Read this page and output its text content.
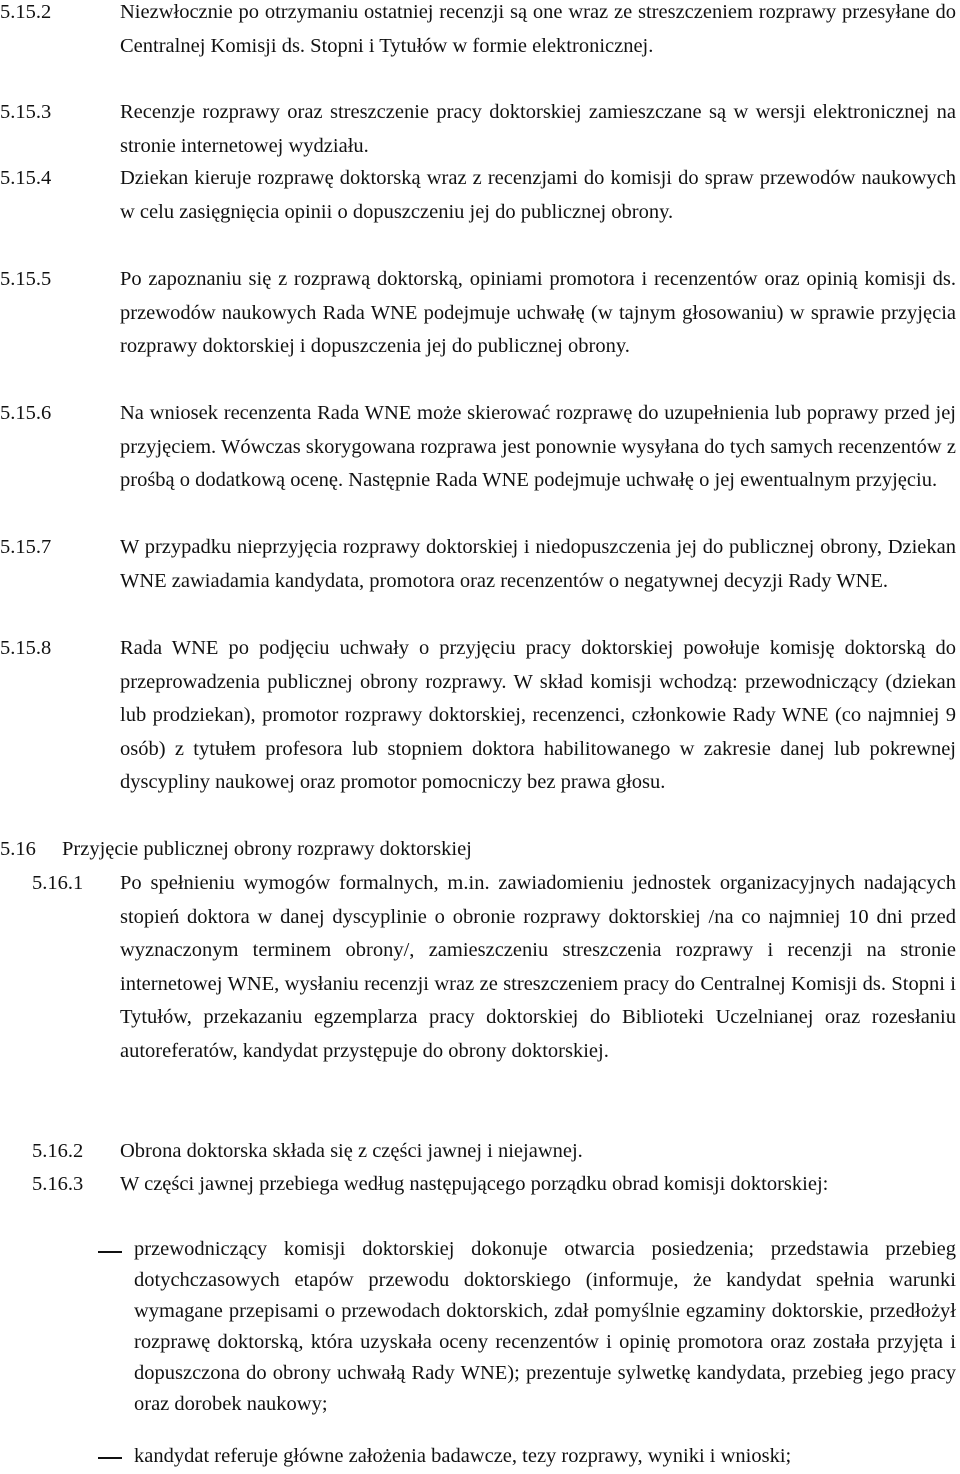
5.15.2	Niezwłocznie po otrzymaniu ostatniej recenzji są one wraz ze streszczeniem rozprawy przesyłane do Centralnej Komisji ds. Stopni i Tytułów w formie elektronicznej.
5.15.3	Recenzje rozprawy oraz streszczenie pracy doktorskiej zamieszczane są w wersji elektronicznej na stronie internetowej wydziału.
5.15.4	Dziekan kieruje rozprawę doktorską wraz z recenzjami do komisji do spraw przewodów naukowych w celu zasięgnięcia opinii o dopuszczeniu jej do publicznej obrony.
5.15.5	Po zapoznaniu się z rozprawą doktorską, opiniami promotora i recenzentów oraz opinią komisji ds. przewodów naukowych Rada WNE podejmuje uchwałę (w tajnym głosowaniu) w sprawie przyjęcia rozprawy doktorskiej i dopuszczenia jej do publicznej obrony.
5.15.6	Na wniosek recenzenta Rada WNE może skierować rozprawę do uzupełnienia lub poprawy przed jej przyjęciem. Wówczas skorygowana rozprawa jest ponownie wysyłana do tych samych recenzentów z prośbą o dodatkową ocenę. Następnie Rada WNE podejmuje uchwałę o jej ewentualnym przyjęciu.
5.15.7	W przypadku nieprzyjęcia rozprawy doktorskiej i niedopuszczenia jej do publicznej obrony, Dziekan WNE zawiadamia kandydata, promotora oraz recenzentów o negatywnej decyzji Rady WNE.
5.15.8	Rada WNE po podjęciu uchwały o przyjęciu pracy doktorskiej powołuje komisję doktorską do przeprowadzenia publicznej obrony rozprawy. W skład komisji wchodzą: przewodniczący (dziekan lub prodziekan), promotor rozprawy doktorskiej, recenzenci, członkowie Rady WNE (co najmniej 9 osób) z tytułem profesora lub stopniem doktora habilitowanego w zakresie danej lub pokrewnej dyscypliny naukowej oraz promotor pomocniczy bez prawa głosu.
5.16 Przyjęcie publicznej obrony rozprawy doktorskiej
5.16.1 Po spełnieniu wymogów formalnych, m.in. zawiadomieniu jednostek organizacyjnych nadających stopień doktora w danej dyscyplinie o obronie rozprawy doktorskiej /na co najmniej 10 dni przed wyznaczonym terminem obrony/, zamieszczeniu streszczenia rozprawy i recenzji na stronie internetowej WNE, wysłaniu recenzji wraz ze streszczeniem pracy do Centralnej Komisji ds. Stopni i Tytułów, przekazaniu egzemplarza pracy doktorskiej do Biblioteki Uczelnianej oraz rozesłaniu autoreferatów, kandydat przystępuje do obrony doktorskiej.
5.16.2 Obrona doktorska składa się z części jawnej i niejawnej.
5.16.3 W części jawnej przebiega według następującego porządku obrad komisji doktorskiej:
przewodniczący komisji doktorskiej dokonuje otwarcia posiedzenia; przedstawia przebieg dotychczasowych etapów przewodu doktorskiego (informuje, że kandydat spełnia warunki wymagane przepisami o przewodach doktorskich, zdał pomyślnie egzaminy doktorskie, przedłożył rozprawę doktorską, która uzyskała oceny recenzentów i opinię promotora oraz została przyjęta i dopuszczona do obrony uchwałą Rady WNE); prezentuje sylwetkę kandydata, przebieg jego pracy oraz dorobek naukowy;
kandydat referuje główne założenia badawcze, tezy rozprawy, wyniki i wnioski;
